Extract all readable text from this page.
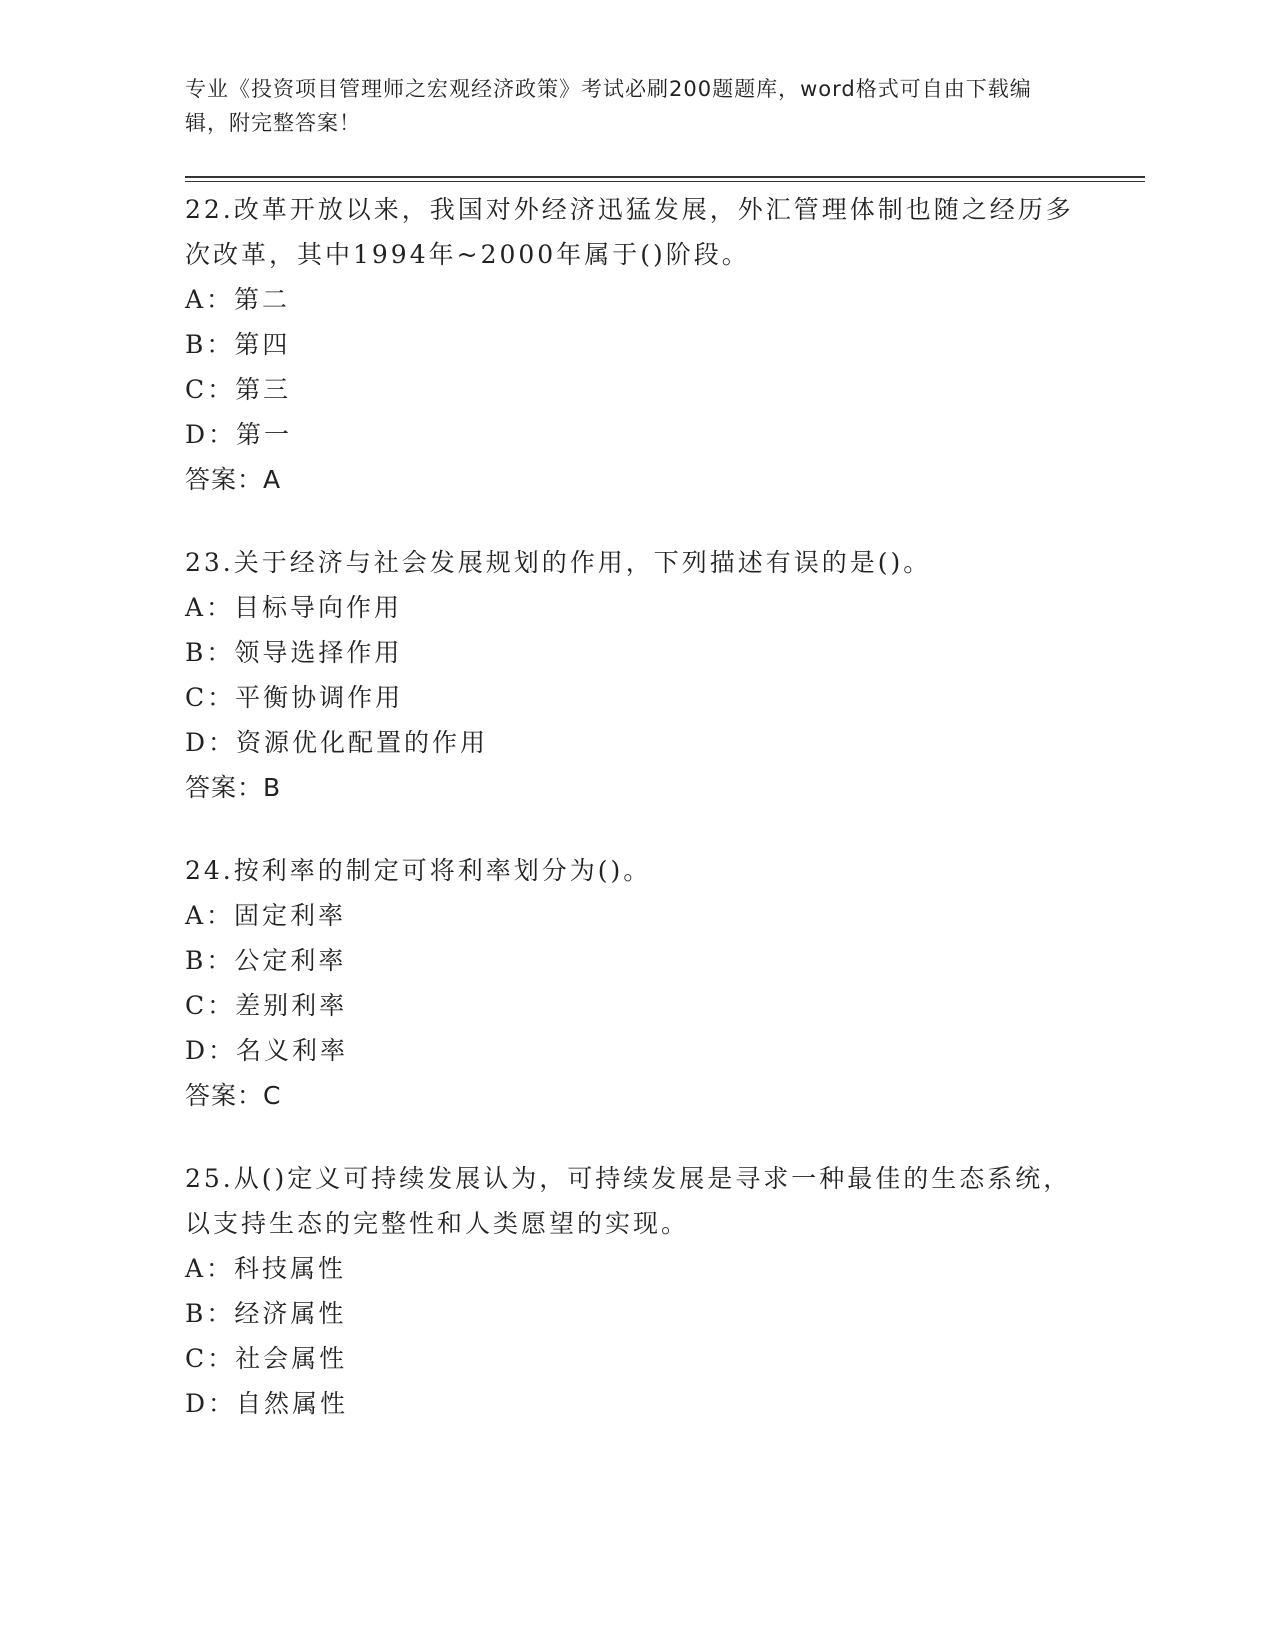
专业《投资项目管理师之宏观经济政策》考试必刷200题题库，word格式可自由下载编辑，附完整答案！

22.改革开放以来，我国对外经济迅猛发展，外汇管理体制也随之经历多次改革，其中1994年~2000年属于()阶段。

A：第二

B：第四

C：第三

D：第一

答案：A

23.关于经济与社会发展规划的作用，下列描述有误的是()。

A：目标导向作用

B：领导选择作用

C：平衡协调作用

D：资源优化配置的作用

答案：B

24.按利率的制定可将利率划分为()。

A：固定利率

B：公定利率

C：差别利率

D：名义利率

答案：C

25.从()定义可持续发展认为，可持续发展是寻求一种最佳的生态系统，以支持生态的完整性和人类愿望的实现。

A：科技属性

B：经济属性

C：社会属性

D：自然属性
